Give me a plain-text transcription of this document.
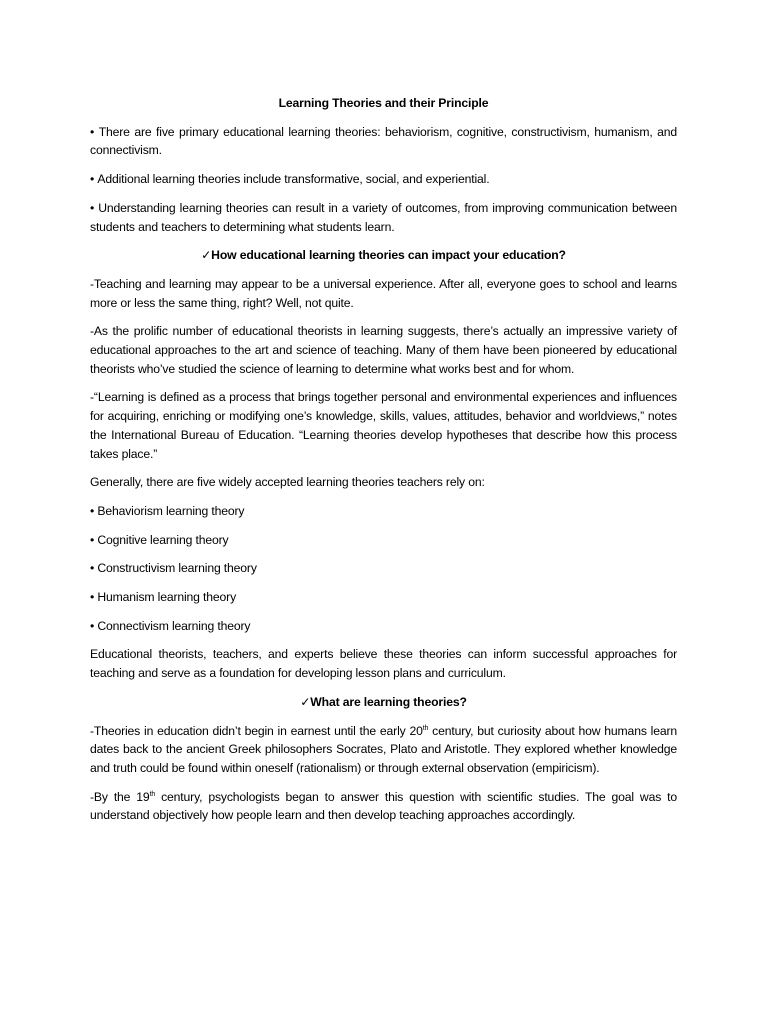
Learning Theories and their Principle

• There are five primary educational learning theories: behaviorism, cognitive, constructivism, humanism, and connectivism.

• Additional learning theories include transformative, social, and experiential.

• Understanding learning theories can result in a variety of outcomes, from improving communication between students and teachers to determining what students learn.

✓How educational learning theories can impact your education?

-Teaching and learning may appear to be a universal experience. After all, everyone goes to school and learns more or less the same thing, right? Well, not quite.

-As the prolific number of educational theorists in learning suggests, there’s actually an impressive variety of educational approaches to the art and science of teaching. Many of them have been pioneered by educational theorists who’ve studied the science of learning to determine what works best and for whom.

-“Learning is defined as a process that brings together personal and environmental experiences and influences for acquiring, enriching or modifying one’s knowledge, skills, values, attitudes, behavior and worldviews,” notes the International Bureau of Education. “Learning theories develop hypotheses that describe how this process takes place.”

Generally, there are five widely accepted learning theories teachers rely on:

• Behaviorism learning theory

• Cognitive learning theory

• Constructivism learning theory

• Humanism learning theory

• Connectivism learning theory

Educational theorists, teachers, and experts believe these theories can inform successful approaches for teaching and serve as a foundation for developing lesson plans and curriculum.

✓What are learning theories?

-Theories in education didn’t begin in earnest until the early 20th century, but curiosity about how humans learn dates back to the ancient Greek philosophers Socrates, Plato and Aristotle. They explored whether knowledge and truth could be found within oneself (rationalism) or through external observation (empiricism).

-By the 19th century, psychologists began to answer this question with scientific studies. The goal was to understand objectively how people learn and then develop teaching approaches accordingly.
